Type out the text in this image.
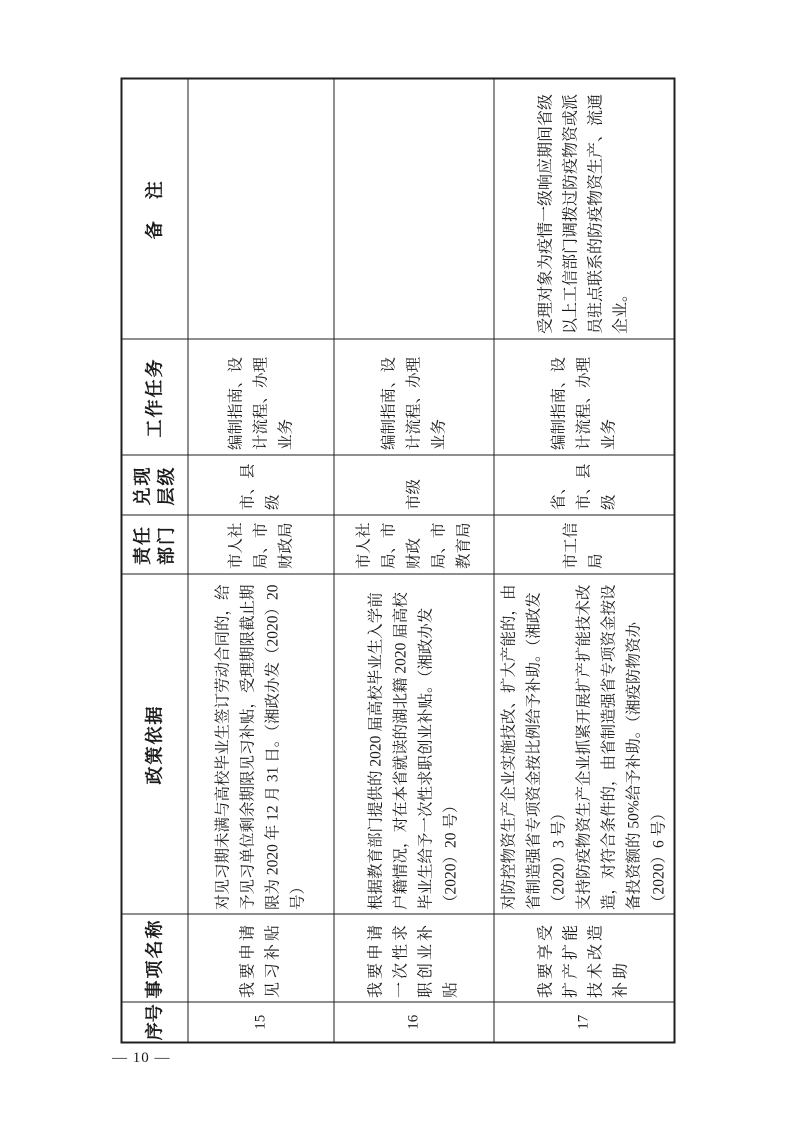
序号	事项名称	政策依据	责任部门	兑现层级	工作任务	备　注
15	我要申请见习补贴	对见习期未满与高校毕业生签订劳动合同的，给予见习单位剩余期限见习补贴，受理期限截止期限为 2020 年 12 月 31 日。（湘政办发（2020）20 号）	市人社局、市财政局	市、县级	编制指南、设计流程、办理业务	
16	我要申请一次性求职创业补贴	根据教育部门提供的 2020 届高校毕业生入学前户籍情况，对在本省就读的湖北籍 2020 届高校毕业生给予一次性求职创业补贴。（湘政办发（2020）20 号）	市人社局、市财政局、市教育局	市级	编制指南、设计流程、办理业务	
17	我要享受扩产扩能技术改造补助	对防控物资生产企业实施技改、扩大产能的，由省制造强省专项资金按比例给予补助。（湘政发（2020）3 号） 支持防疫物资生产企业抓紧开展扩产扩能技术改造，对符合条件的，由省制造强省专项资金按设备投资额的 50%给予补助。（湘疫防物资办（2020）6 号）	市工信局	省、市、县级	编制指南、设计流程、办理业务	受理对象为疫情一级响应期间省级以上工信部门调拨过防疫物资或派员驻点联系的防疫物资生产、流通企业。
— 10 —
